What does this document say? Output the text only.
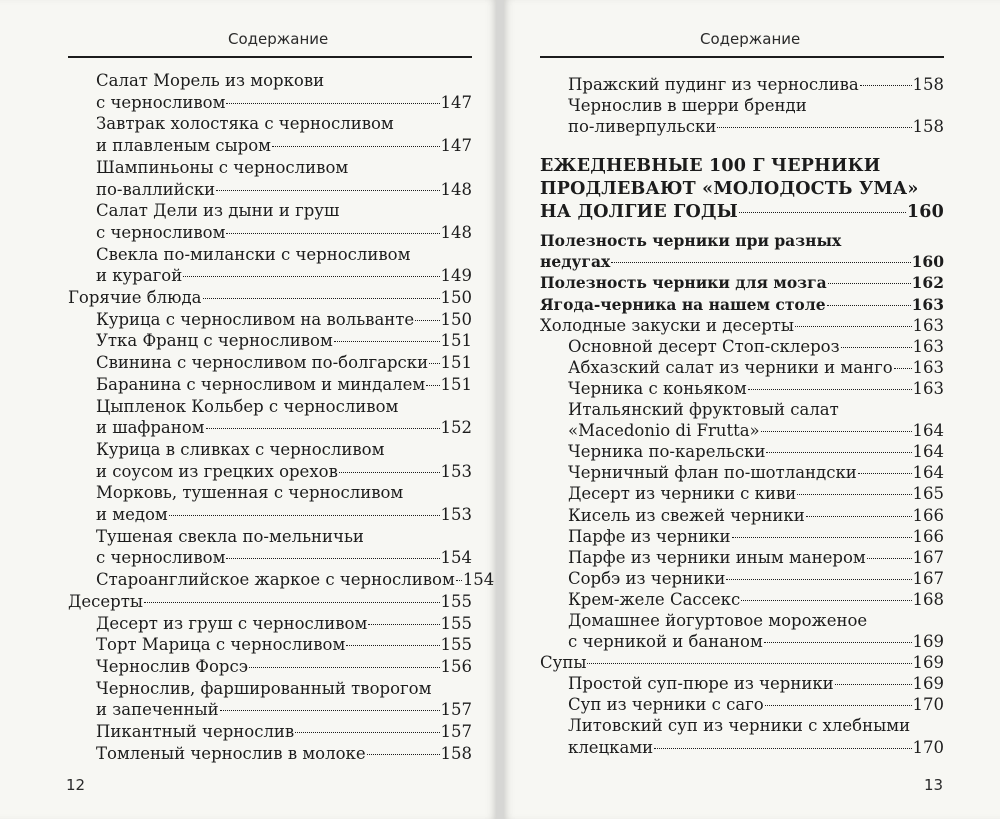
Содержание
Салат Морель из моркови
с черносливом	147
Завтрак холостяка с черносливом
и плавленым сыром	147
Шампиньоны с черносливом
по-валлийски	148
Салат Дели из дыни и груш
с черносливом	148
Свекла по-милански с черносливом
и курагой	149
Горячие блюда	150
Курица с черносливом на вольванте 150
Утка Франц с черносливом	151
Свинина с черносливом по-болгарски 151
Баранина с черносливом и миндалем 151
Цыпленок Кольбер с черносливом
и шафраном	152
Курица в сливках с черносливом
и соусом из грецких орехов	153
Морковь, тушенная с черносливом
и медом	153
Тушеная свекла по-мельничьи
с черносливом	154
Староанглийское жаркое с черносливом 154
Десерты	155
Десерт из груш с черносливом	155
Торт Марица с черносливом	155
Чернослив Форсэ	156
Чернослив, фаршированный творогом
и запеченный	157
Пикантный чернослив	157
Томленый чернослив в молоке	158
12
Содержание
Пражский пудинг из чернослива	158
Чернослив в шерри бренди
по-ливерпульски	158
ЕЖЕДНЕВНЫЕ 100 Г ЧЕРНИКИ
ПРОДЛЕВАЮТ «МОЛОДОСТЬ УМА»
НА ДОЛГИЕ ГОДЫ	160
Полезность черники при разных
недугах	160
Полезность черники для мозга	162
Ягода-черника на нашем столе	163
Холодные закуски и десерты	163
Основной десерт Стоп-склероз	163
Абхазский салат из черники и манго 163
Черника с коньяком	163
Итальянский фруктовый салат
«Macedonio di Frutta»	164
Черника по-карельски	164
Черничный флан по-шотландски	164
Десерт из черники с киви	165
Кисель из свежей черники	166
Парфе из черники	166
Парфе из черники иным манером	167
Сорбэ из черники	167
Крем-желе Сассекс	168
Домашнее йогуртовое мороженое
с черникой и бананом	169
Супы	169
Простой суп-пюре из черники	169
Суп из черники с саго	170
Литовский суп из черники с хлебными
клецками	170
13
